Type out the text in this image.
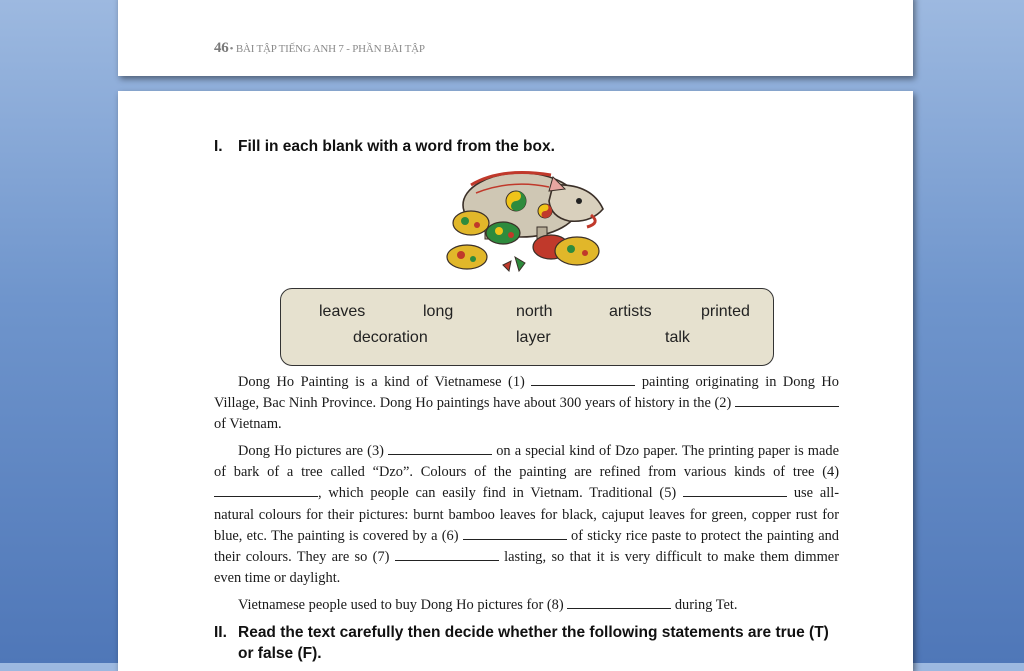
46• BÀI TẬP TIẾNG ANH 7 - PHẦN BÀI TẬP
I. Fill in each blank with a word from the box.
leaves	long	north	artists	printed
decoration	layer	talk

Dong Ho Painting is a kind of Vietnamese (1)	painting originating in Dong Ho Village, Bac Ninh Province. Dong Ho paintings have about 300 years of history in the (2)  of Vietnam.

Dong Ho pictures are (3)	on a special kind of Dzo paper. The printing paper is made of bark of a tree called “Dzo”. Colours of the painting are refined from various kinds of tree (4) , which people can easily find in Vietnam. Traditional (5)	use all-natural colours for their pictures: burnt bamboo leaves for black, cajuput leaves for green, copper rust for blue, etc. The painting is covered by a (6)	of sticky rice paste to protect the painting and their colours. They are so (7)	lasting, so that it is very difficult to make them dimmer even time or daylight.

Vietnamese people used to buy Dong Ho pictures for (8)	during Tet.

II. Read the text carefully then decide whether the following statements are true (T) or false (F).
